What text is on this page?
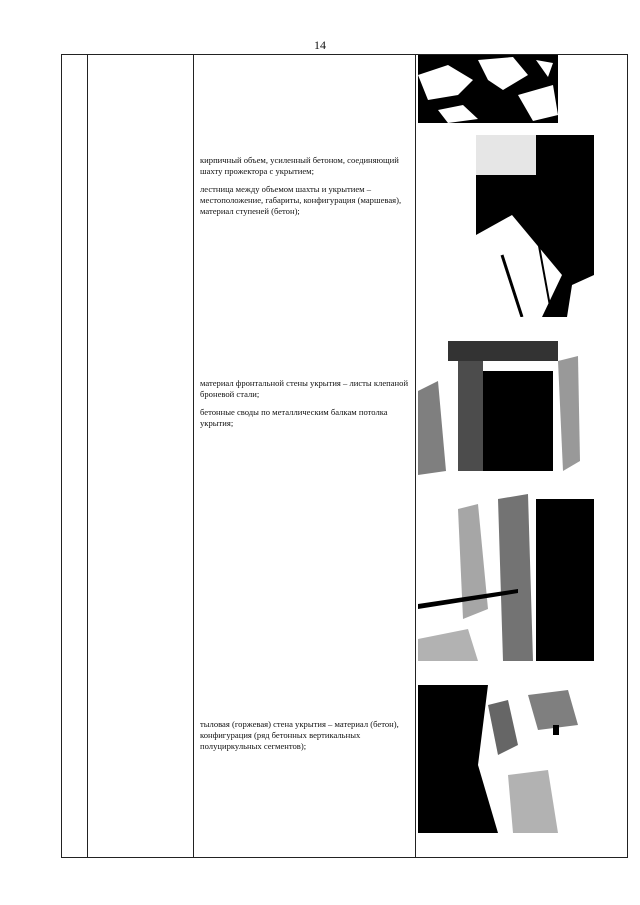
14

кирпичный объем, усиленный бетоном, соединяющий шахту прожектора с укрытием;

лестница между объемом шахты и укрытием – местоположение, габариты, конфигурация (маршевая), материал ступеней (бетон);

материал фронтальной стены укрытия – листы клепаной броневой стали;

бетонные своды по металлическим балкам потолка укрытия;

тыловая (горжевая) стена укрытия – материал (бетон), конфигурация (ряд бетонных вертикальных полуциркульных сегментов);
